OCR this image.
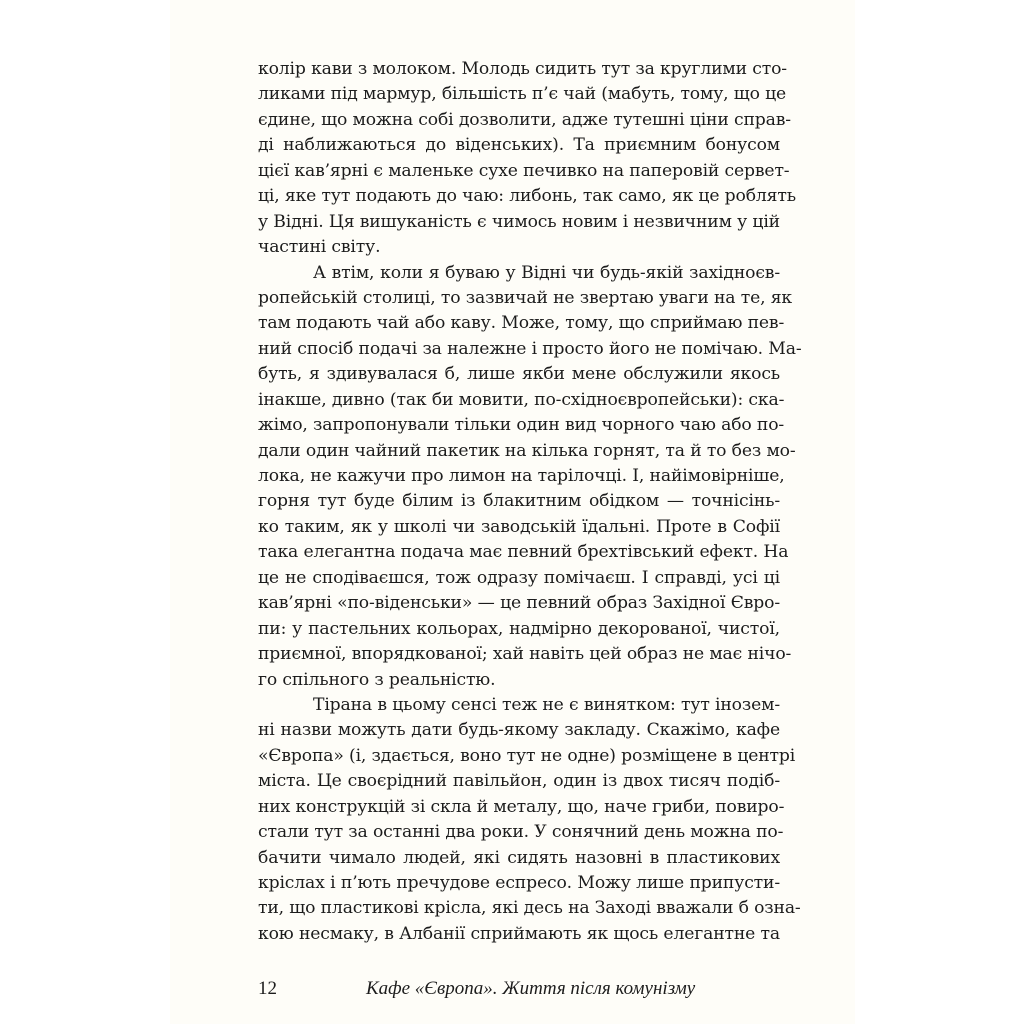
колір кави з молоком. Молодь сидить тут за круглими сто-
ликами під мармур, більшість п’є чай (мабуть, тому, що це
єдине, що можна собі дозволити, адже тутешні ціни справ-
ді наближаються до віденських). Та приємним бонусом
цієї кав’ярні є маленьке сухе печивко на паперовій сервет-
ці, яке тут подають до чаю: либонь, так само, як це роблять
у Відні. Ця вишуканість є чимось новим і незвичним у цій
частині світу.
А втім, коли я буваю у Відні чи будь-якій західноєв-
ропейській столиці, то зазвичай не звертаю уваги на те, як
там подають чай або каву. Може, тому, що сприймаю пев-
ний спосіб подачі за належне і просто його не помічаю. Ма-
буть, я здивувалася б, лише якби мене обслужили якось
інакше, дивно (так би мовити, по-східноєвропейськи): ска-
жімо, запропонували тільки один вид чорного чаю або по-
дали один чайний пакетик на кілька горнят, та й то без мо-
лока, не кажучи про лимон на тарілочці. І, найімовірніше,
горня тут буде білим із блакитним обідком — точнісінь-
ко таким, як у школі чи заводській їдальні. Проте в Софії
така елегантна подача має певний брехтівський ефект. На
це не сподіваєшся, тож одразу помічаєш. І справді, усі ці
кав’ярні «по-віденськи» — це певний образ Західної Євро-
пи: у пастельних кольорах, надмірно декорованої, чистої,
приємної, впорядкованої; хай навіть цей образ не має нічо-
го спільного з реальністю.
Тірана в цьому сенсі теж не є винятком: тут інозем-
ні назви можуть дати будь-якому закладу. Скажімо, кафе
«Європа» (і, здається, воно тут не одне) розміщене в центрі
міста. Це своєрідний павільйон, один із двох тисяч подіб-
них конструкцій зі скла й металу, що, наче гриби, повиро-
стали тут за останні два роки. У сонячний день можна по-
бачити чимало людей, які сидять назовні в пластикових
кріслах і п’ють пречудове еспресо. Можу лише припусти-
ти, що пластикові крісла, які десь на Заході вважали б озна-
кою несмаку, в Албанії сприймають як щось елегантне та
12	Кафе «Європа». Життя після комунізму
